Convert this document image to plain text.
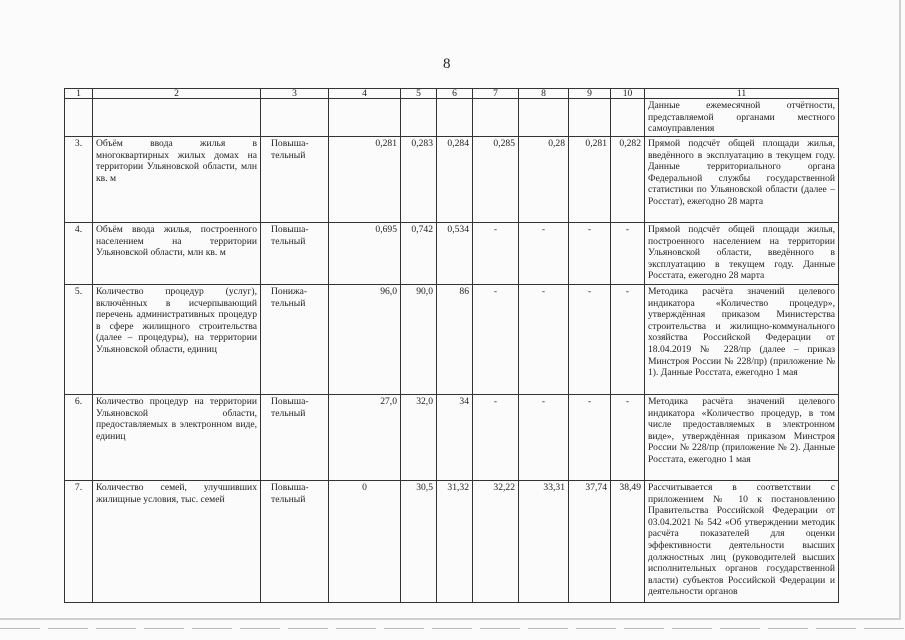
8
1	2	3	4	5	6	7	8	9	10	11
										Данные ежемесячной отчётности, представляемой органами местного самоуправления
3.	Объём ввода жилья в многоквартирных жилых домах на территории Ульяновской области, млн кв. м	Повыша-тельный	0,281	0,283	0,284	0,285	0,28	0,281	0,282	Прямой подсчёт общей площади жилья, введённого в эксплуатацию в текущем году. Данные территориального органа Федеральной службы государственной статистики по Ульяновской области (далее – Росстат), ежегодно 28 марта
4.	Объём ввода жилья, построенного населением на территории Ульяновской области, млн кв. м	Повыша-тельный	0,695	0,742	0,534	-	-	-	-	Прямой подсчёт общей площади жилья, построенного населением на территории Ульяновской области, введённого в эксплуатацию в текущем году. Данные Росстата, ежегодно 28 марта
5.	Количество процедур (услуг), включённых в исчерпывающий перечень административных процедур в сфере жилищного строительства (далее – процедуры), на территории Ульяновской области, единиц	Понижа-тельный	96,0	90,0	86	-	-	-	-	Методика расчёта значений целевого индикатора «Количество процедур», утверждённая приказом Министерства строительства и жилищно-коммунального хозяйства Российской Федерации от 18.04.2019 № 228/пр (далее – приказ Минстроя России № 228/пр) (приложение № 1). Данные Росстата, ежегодно 1 мая
6.	Количество процедур на территории Ульяновской области, предоставляемых в электронном виде, единиц	Повыша-тельный	27,0	32,0	34	-	-	-	-	Методика расчёта значений целевого индикатора «Количество процедур, в том числе предоставляемых в электронном виде», утверждённая приказом Минстроя России № 228/пр (приложение № 2). Данные Росстата, ежегодно 1 мая
7.	Количество семей, улучшивших жилищные условия, тыс. семей	Повыша-тельный	0	30,5	31,32	32,22	33,31	37,74	38,49	Рассчитывается в соответствии с приложением № 10 к постановлению Правительства Российской Федерации от 03.04.2021 № 542 «Об утверждении методик расчёта показателей для оценки эффективности деятельности высших должностных лиц (руководителей высших исполнительных органов государственной власти) субъектов Российской Федерации и деятельности органов
